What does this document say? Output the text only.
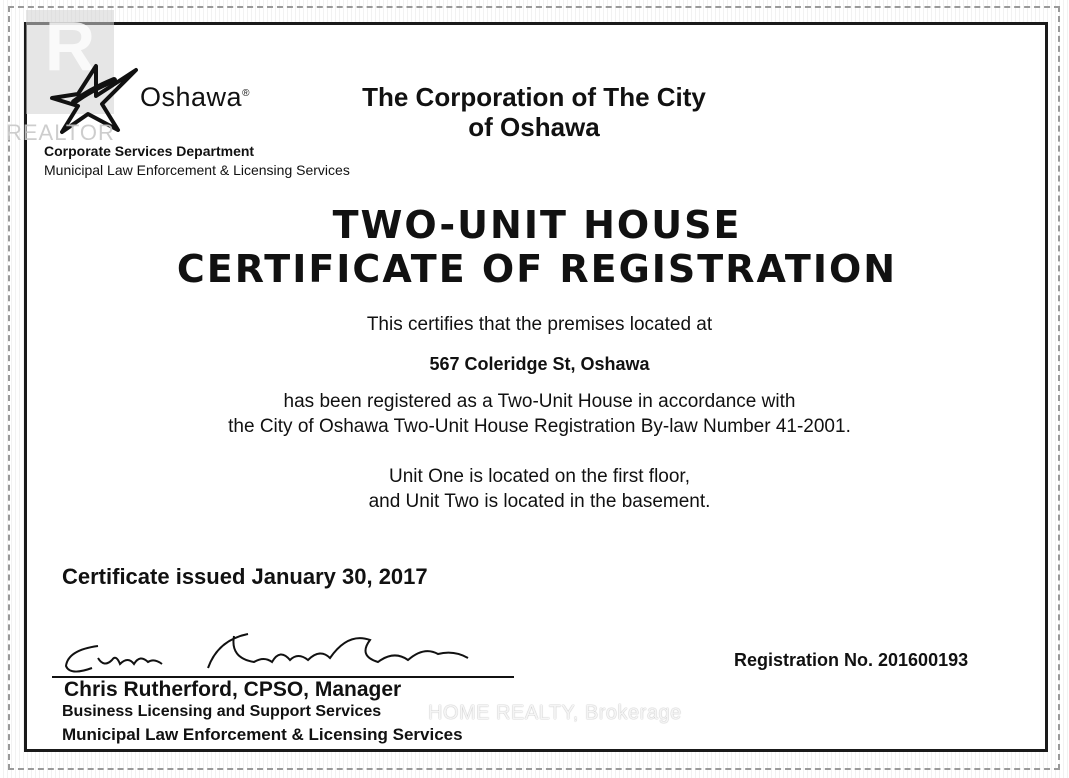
R
REALTOR
Oshawa®	The Corporation of The City of Oshawa
Corporate Services Department
Municipal Law Enforcement & Licensing Services
TWO-UNIT HOUSE
CERTIFICATE OF REGISTRATION
This certifies that the premises located at
567 Coleridge St, Oshawa
has been registered as a Two-Unit House in accordance with
the City of Oshawa Two-Unit House Registration By-law Number 41-2001.
Unit One is located on the first floor,
and Unit Two is located in the basement.
Certificate issued January 30, 2017
Chris Rutherford, CPSO, Manager
Business Licensing and Support Services
Municipal Law Enforcement & Licensing Services
Registration No. 201600193
HOME REALTY, Brokerage
